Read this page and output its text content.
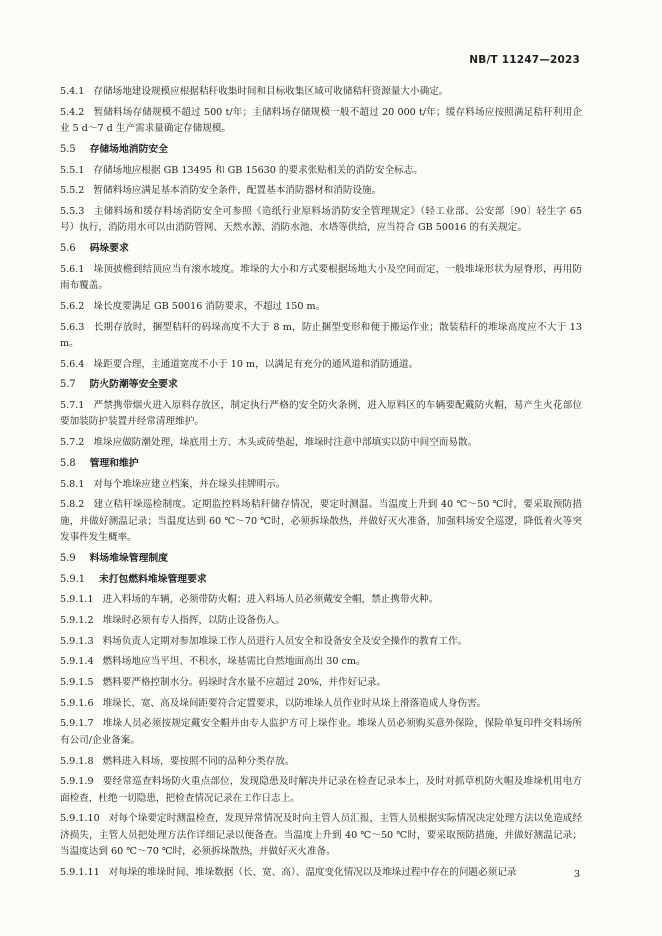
NB/T 11247—2023
5.4.1 存储场地建设规模应根据秸秆收集时间和目标收集区域可收储秸秆资源量大小确定。
5.4.2 暂储料场存储规模不超过 500 t/年；主储料场存储规模一般不超过 20 000 t/年；缓存料场应按照满足秸秆利用企业 5 d～7 d 生产需求量确定存储规模。
5.5 存储场地消防安全
5.5.1 存储场地应根据 GB 13495 和 GB 15630 的要求张贴相关的消防安全标志。
5.5.2 暂储料场应满足基本消防安全条件，配置基本消防器材和消防设施。
5.5.3 主储料场和缓存料场消防安全可参照《造纸行业原料场消防安全管理规定》（轻工业部、公安部〔90〕轻生字 65 号）执行，消防用水可以由消防管网、天然水源、消防水池、水塔等供给，应当符合 GB 50016 的有关规定。
5.6 码垛要求
5.6.1 垛顶披檐到结顶应当有滚水坡度。堆垛的大小和方式要根据场地大小及空间而定，一般堆垛形状为屋脊形，再用防雨布覆盖。
5.6.2 垛长度要满足 GB 50016 消防要求，不超过 150 m。
5.6.3 长期存放时，捆型秸秆的码垛高度不大于 8 m，防止捆型变形和便于搬运作业；散装秸秆的堆垛高度应不大于 13 m。
5.6.4 垛距要合理，主通道宽度不小于 10 m，以满足有充分的通风道和消防通道。
5.7 防火防潮等安全要求
5.7.1 严禁携带烟火进入原料存放区，制定执行严格的安全防火条例，进入原料区的车辆要配戴防火帽，易产生火花部位要加装防护装置并经常清理维护。
5.7.2 堆垛应做防潮处理，垛底用土方、木头或砖垫起，堆垛时注意中部填实以防中间空而易散。
5.8 管理和维护
5.8.1 对每个堆垛应建立档案，并在垛头挂牌明示。
5.8.2 建立秸秆垛巡检制度。定期监控料场秸秆储存情况，要定时测温。当温度上升到 40 ℃～50 ℃时，要采取预防措施，并做好测温记录；当温度达到 60 ℃～70 ℃时，必须拆垛散热，并做好灭火准备，加强料场安全巡逻，降低着火等突发事件发生概率。
5.9 料场堆垛管理制度
5.9.1 未打包燃料堆垛管理要求
5.9.1.1 进入料场的车辆，必须带防火帽；进入料场人员必须戴安全帽，禁止携带火种。
5.9.1.2 堆垛时必须有专人指挥，以防止设备伤人。
5.9.1.3 料场负责人定期对参加堆垛工作人员进行人员安全和设备安全及安全操作的教育工作。
5.9.1.4 燃料场地应当平坦、不积水，垛基需比自然地面高出 30 cm。
5.9.1.5 燃料要严格控制水分。码垛时含水量不应超过 20%，并作好记录。
5.9.1.6 堆垛长、宽、高及垛间距要符合定置要求，以防堆垛人员作业时从垛上滑落造成人身伤害。
5.9.1.7 堆垛人员必须按规定戴安全帽并由专人监护方可上垛作业。堆垛人员必须购买意外保险，保险单复印件交料场所有公司/企业备案。
5.9.1.8 燃料进入料场，要按照不同的品种分类存放。
5.9.1.9 要经常巡查料场防火重点部位，发现隐患及时解决并记录在检查记录本上，及时对抓草机防火帽及堆垛机用电方面检查，杜绝一切隐患，把检查情况记录在工作日志上。
5.9.1.10 对每个垛要定时测温检查，发现异常情况及时向主管人员汇报，主管人员根据实际情况决定处理方法以免造成经济损失，主管人员把处理方法作详细记录以便备查。当温度上升到 40 ℃～50 ℃时，要采取预防措施，并做好测温记录；当温度达到 60 ℃～70 ℃时，必须拆垛散热，并做好灭火准备。
5.9.1.11 对每垛的堆垛时间、堆垛数据（长、宽、高）、温度变化情况以及堆垛过程中存在的问题必须记录	3
